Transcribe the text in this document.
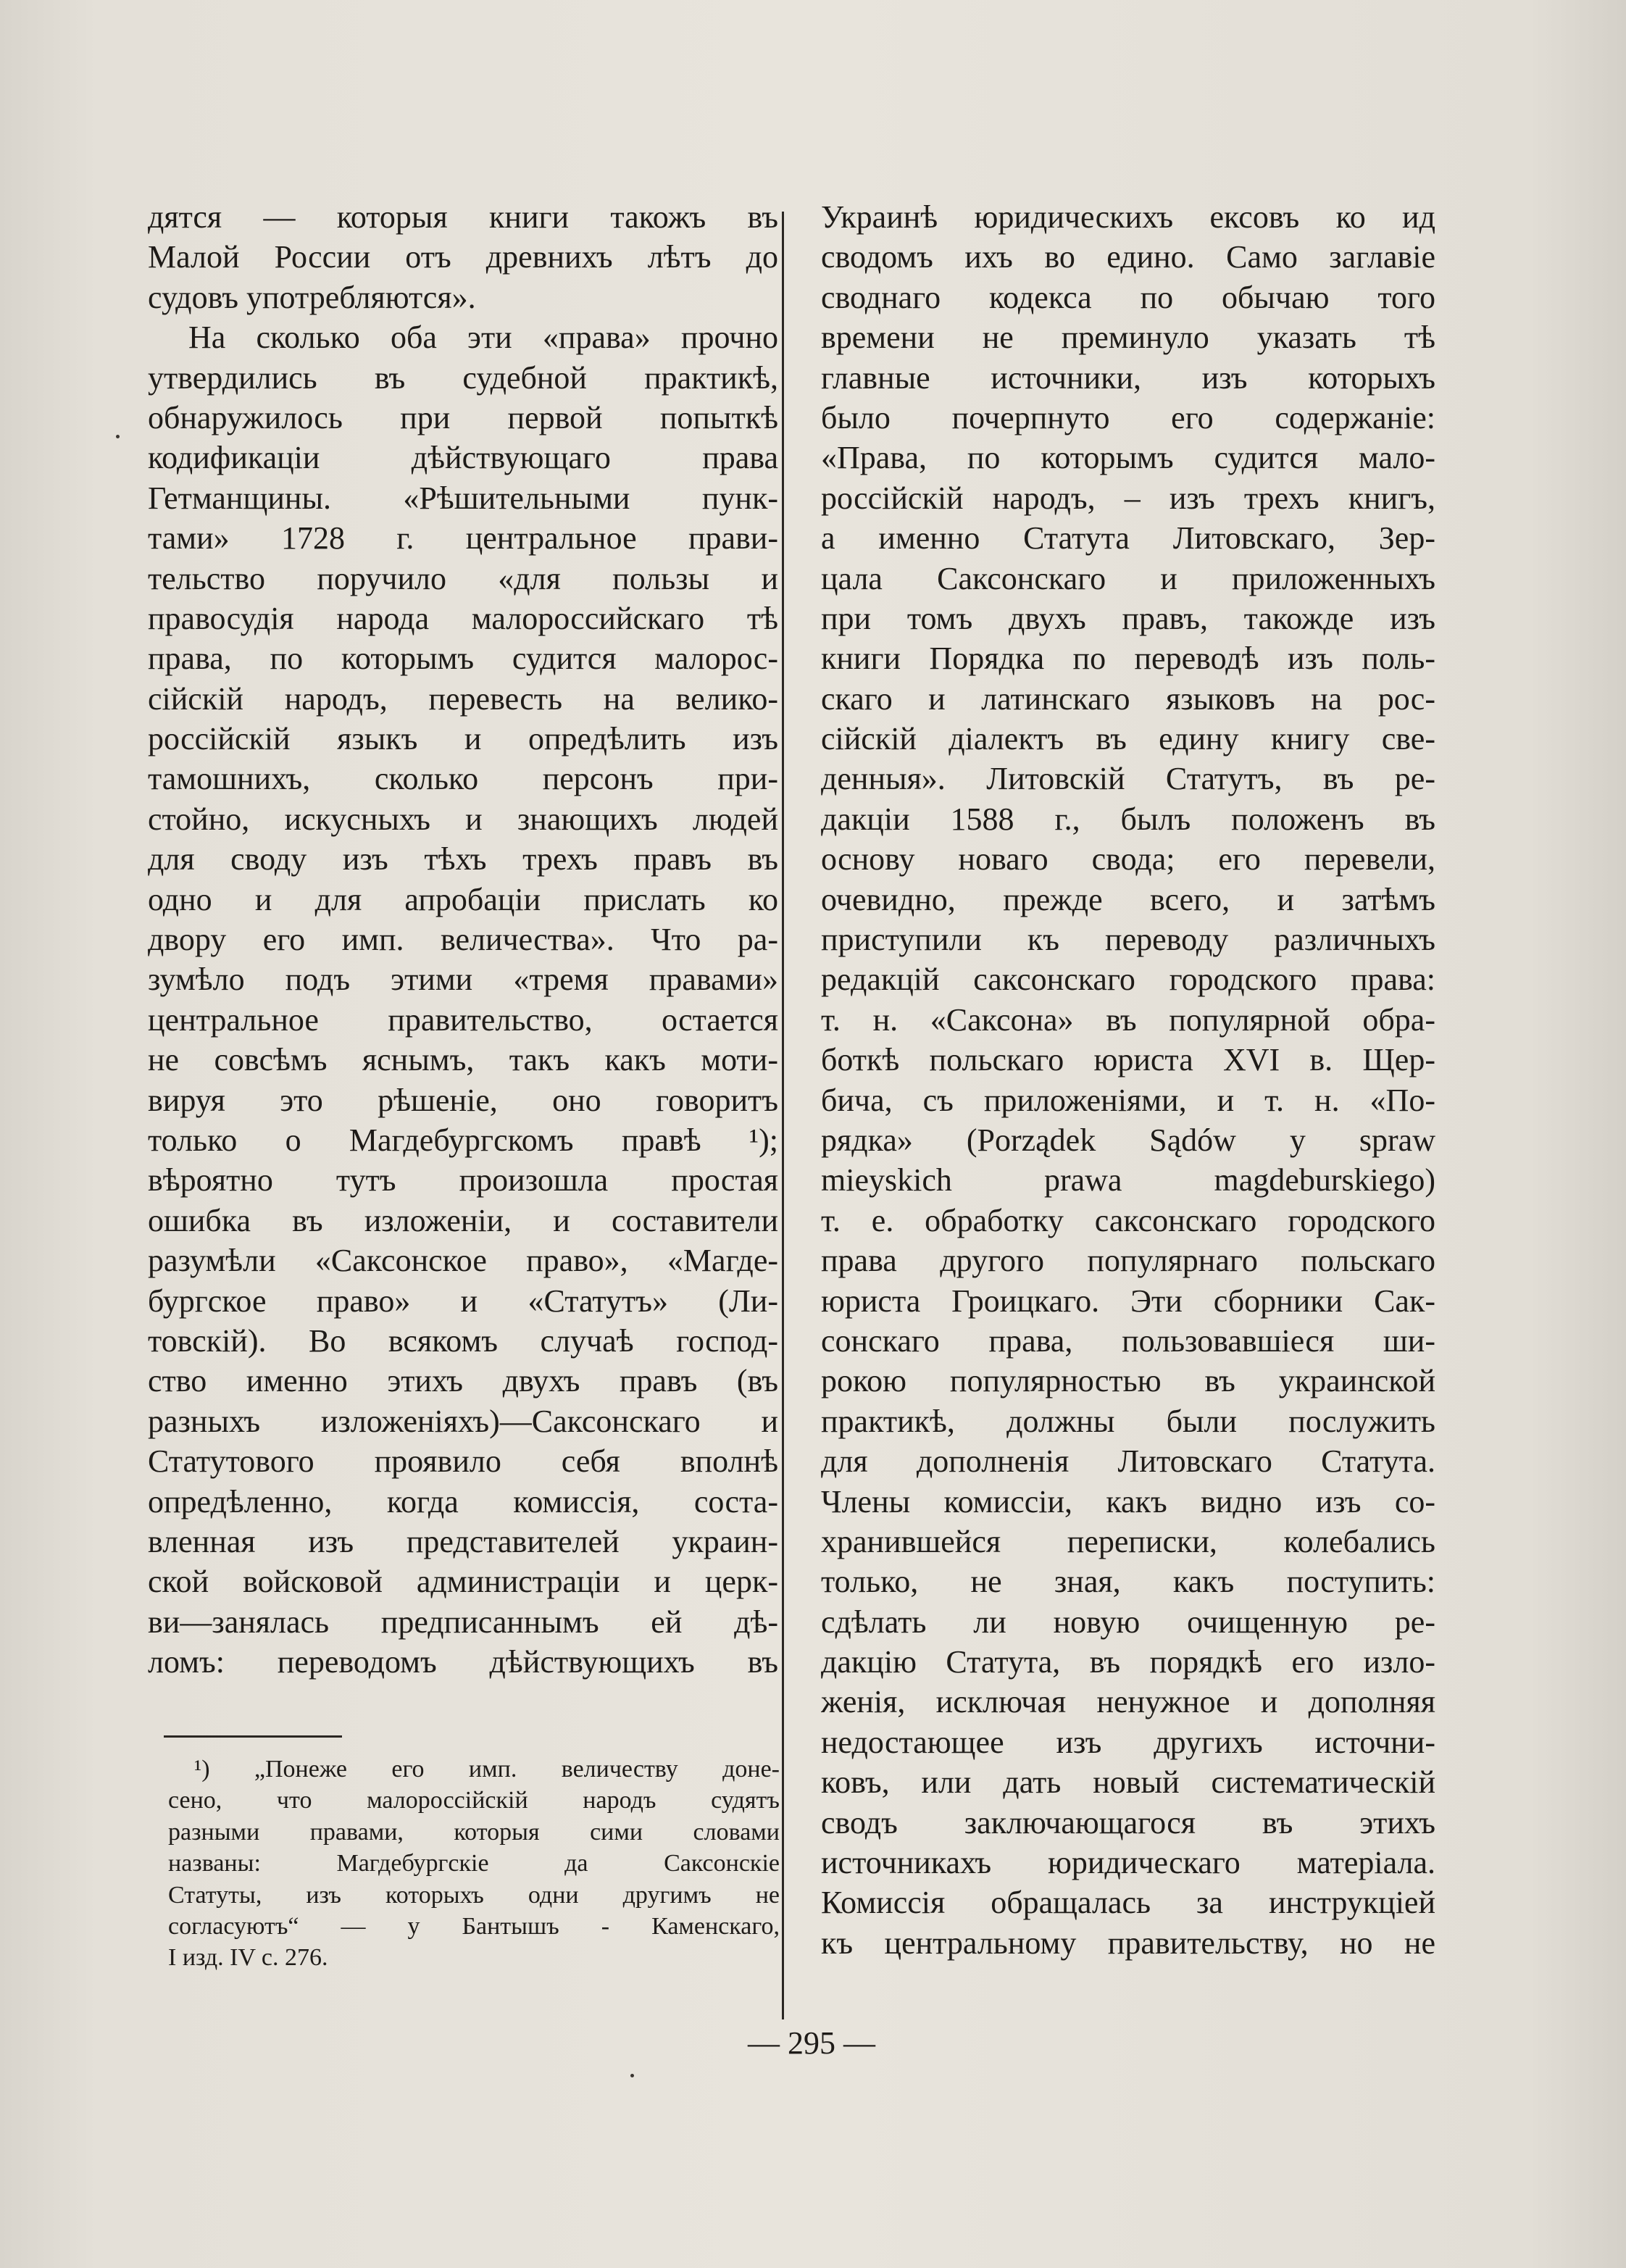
дятся — которыя книги такожъ въ
Малой России отъ древнихъ лѣтъ до
судовъ употребляются».
На сколько оба эти «права» прочно
утвердились въ судебной практикѣ,
обнаружилось при первой попыткѣ
кодификаціи дѣйствующаго права
Гетманщины. «Рѣшительными пунк-
тами» 1728 г. центральное прави-
тельство поручило «для пользы и
правосудія народа малороссийскаго тѣ
права, по которымъ судится малорос-
сійскій народъ, перевесть на велико-
россійскій языкъ и опредѣлить изъ
тамошнихъ, сколько персонъ при-
стойно, искусныхъ и знающихъ людей
для своду изъ тѣхъ трехъ правъ въ
одно и для апробаціи прислать ко
двору его имп. величества». Что ра-
зумѣло подъ этими «тремя правами»
центральное правительство, остается
не совсѣмъ яснымъ, такъ какъ моти-
вируя это рѣшеніе, оно говоритъ
только о Магдебургскомъ правѣ ¹);
вѣроятно тутъ произошла простая
ошибка въ изложеніи, и составители
разумѣли «Саксонское право», «Магде-
бургское право» и «Статутъ» (Ли-
товскій). Во всякомъ случаѣ господ-
ство именно этихъ двухъ правъ (въ
разныхъ изложеніяхъ)—Саксонскаго и
Статутового проявило себя вполнѣ
опредѣленно, когда комиссія, соста-
вленная изъ представителей украин-
ской войсковой администраціи и церк-
ви—занялась предписаннымъ ей дѣ-
ломъ: переводомъ дѣйствующихъ въ
Украинѣ юридическихъ ексовъ ко ид
сводомъ ихъ во едино. Само заглавіе
своднаго кодекса по обычаю того
времени не преминуло указать тѣ
главные источники, изъ которыхъ
было почерпнуто его содержаніе:
«Права, по которымъ судится мало-
россійскій народъ, – изъ трехъ книгъ,
а именно Статута Литовскаго, Зер-
цала Саксонскаго и приложенныхъ
при томъ двухъ правъ, такожде изъ
книги Порядка по переводѣ изъ поль-
скаго и латинскаго языковъ на рос-
сійскій діалектъ въ едину книгу све-
денныя». Литовскій Статутъ, въ ре-
дакціи 1588 г., былъ положенъ въ
основу новаго свода; его перевели,
очевидно, прежде всего, и затѣмъ
приступили къ переводу различныхъ
редакцій саксонскаго городского права:
т. н. «Саксона» въ популярной обра-
боткѣ польскаго юриста XVI в. Щер-
бича, съ приложеніями, и т. н. «По-
рядка» (Porządek Sądów y spraw
mieyskich prawa magdeburskiego)
т. е. обработку саксонскаго городского
права другого популярнаго польскаго
юриста Гроицкаго. Эти сборники Сак-
сонскаго права, пользовавшіеся ши-
рокою популярностью въ украинской
практикѣ, должны были послужить
для дополненія Литовскаго Статута.
Члены комиссіи, какъ видно изъ со-
хранившейся переписки, колебались
только, не зная, какъ поступить:
сдѣлать ли новую очищенную ре-
дакцію Статута, въ порядкѣ его изло-
женія, исключая ненужное и дополняя
недостающее изъ другихъ источни-
ковъ, или дать новый систематическій
сводъ заключающагося въ этихъ
источникахъ юридическаго матеріала.
Комиссія обращалась за инструкціей
къ центральному правительству, но не
¹) „Понеже его имп. величеству доне-
сено, что малороссійскій народъ судятъ
разными правами, которыя сими словами
названы: Магдебургскіе да Саксонскіе
Статуты, изъ которыхъ одни другимъ не
согласуютъ“ — у Бантышъ - Каменскаго,
I изд. IV с. 276.
— 295 —
